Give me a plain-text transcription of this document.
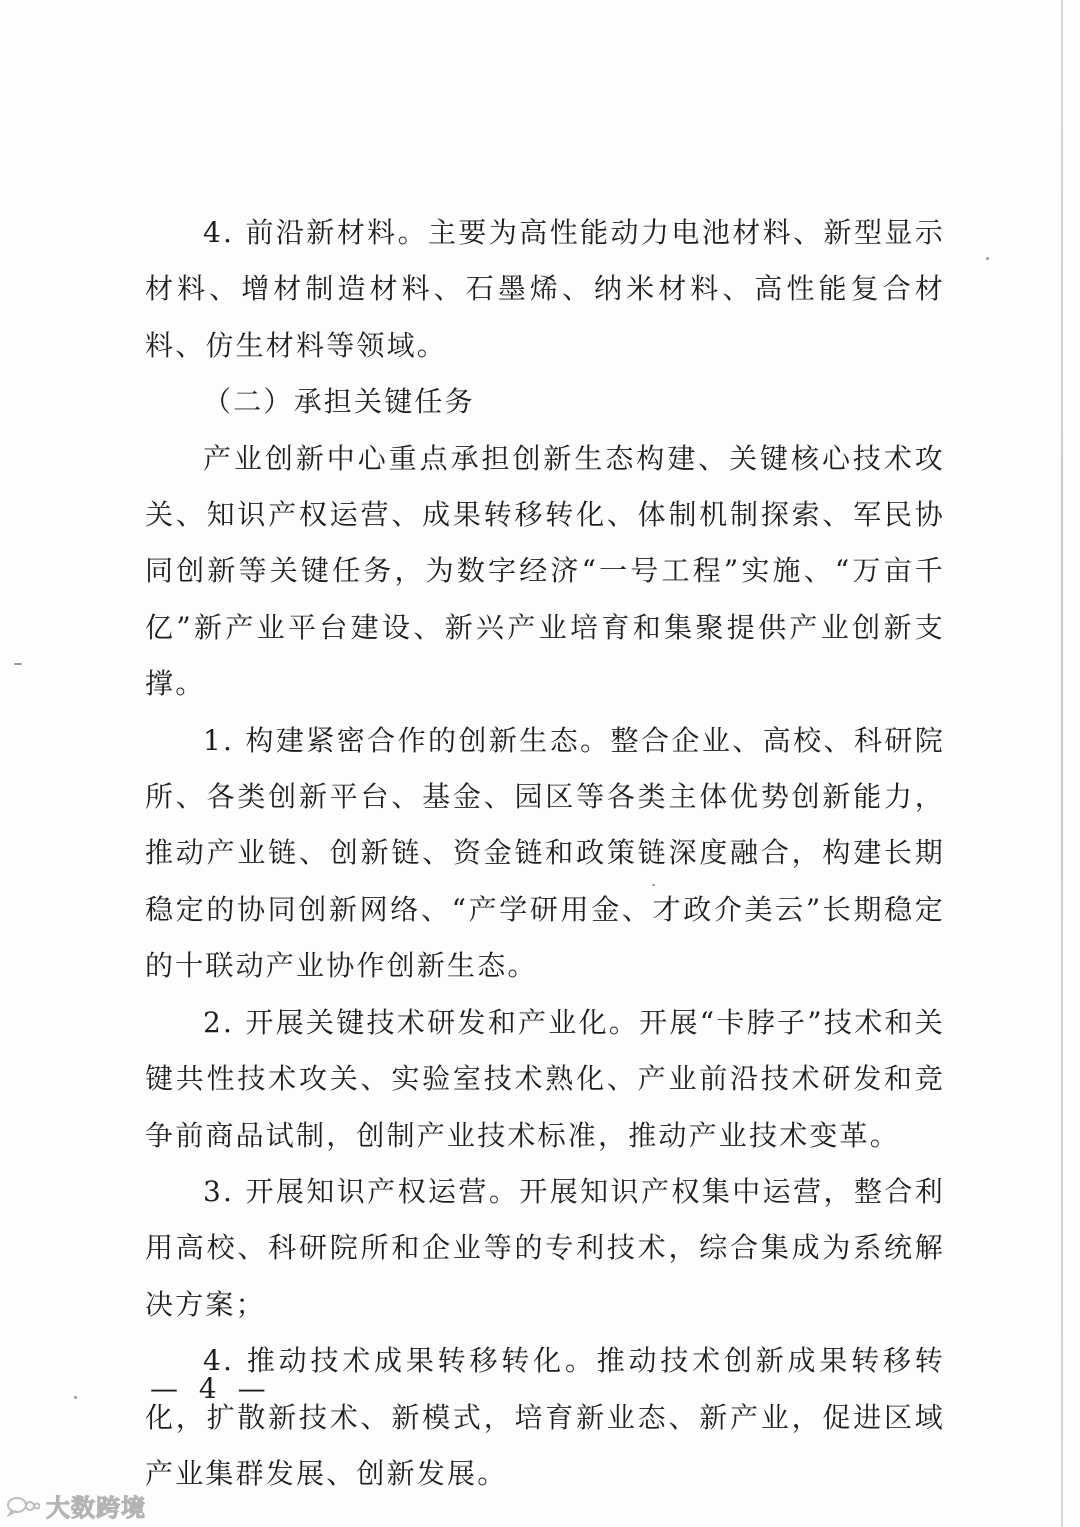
4. 前沿新材料。主要为高性能动力电池材料、新型显示材料、增材制造材料、石墨烯、纳米材料、高性能复合材料、仿生材料等领域。

（二）承担关键任务

产业创新中心重点承担创新生态构建、关键核心技术攻关、知识产权运营、成果转移转化、体制机制探索、军民协同创新等关键任务，为数字经济“一号工程”实施、“万亩千亿”新产业平台建设、新兴产业培育和集聚提供产业创新支撑。

1. 构建紧密合作的创新生态。整合企业、高校、科研院所、各类创新平台、基金、园区等各类主体优势创新能力，推动产业链、创新链、资金链和政策链深度融合，构建长期稳定的协同创新网络、“产学研用金、才政介美云”长期稳定的十联动产业协作创新生态。

2. 开展关键技术研发和产业化。开展“卡脖子”技术和关键共性技术攻关、实验室技术熟化、产业前沿技术研发和竞争前商品试制，创制产业技术标准，推动产业技术变革。

3. 开展知识产权运营。开展知识产权集中运营，整合利用高校、科研院所和企业等的专利技术，综合集成为系统解决方案；

4. 推动技术成果转移转化。推动技术创新成果转移转化，扩散新技术、新模式，培育新业态、新产业，促进区域产业集群发展、创新发展。

— 4 —
大数跨境
